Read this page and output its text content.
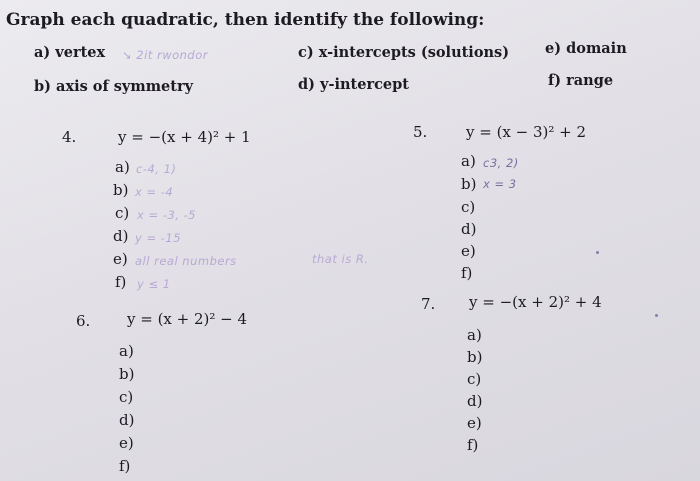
Graph each quadratic, then identify the following:
a) vertex ↘ 2it rwondor
b) axis of symmetry
c) x-intercepts (solutions)
d) y-intercept
e) domain
f) range
4.	y = −(x + 4)² + 1
a) c-4, 1)
b) x = -4
c) x = -3, -5
d) y = -15
e) all real numbers	that is R.
f) y ≤ 1
5.	y = (x − 3)² + 2
a) c3, 2)
b) x = 3
c)
d)
e)
f)
6. y = (x + 2)² − 4
a)
b)
c)
d)
e)
f)
7. y = −(x + 2)² + 4
a)
b)
c)
d)
e)
f)
